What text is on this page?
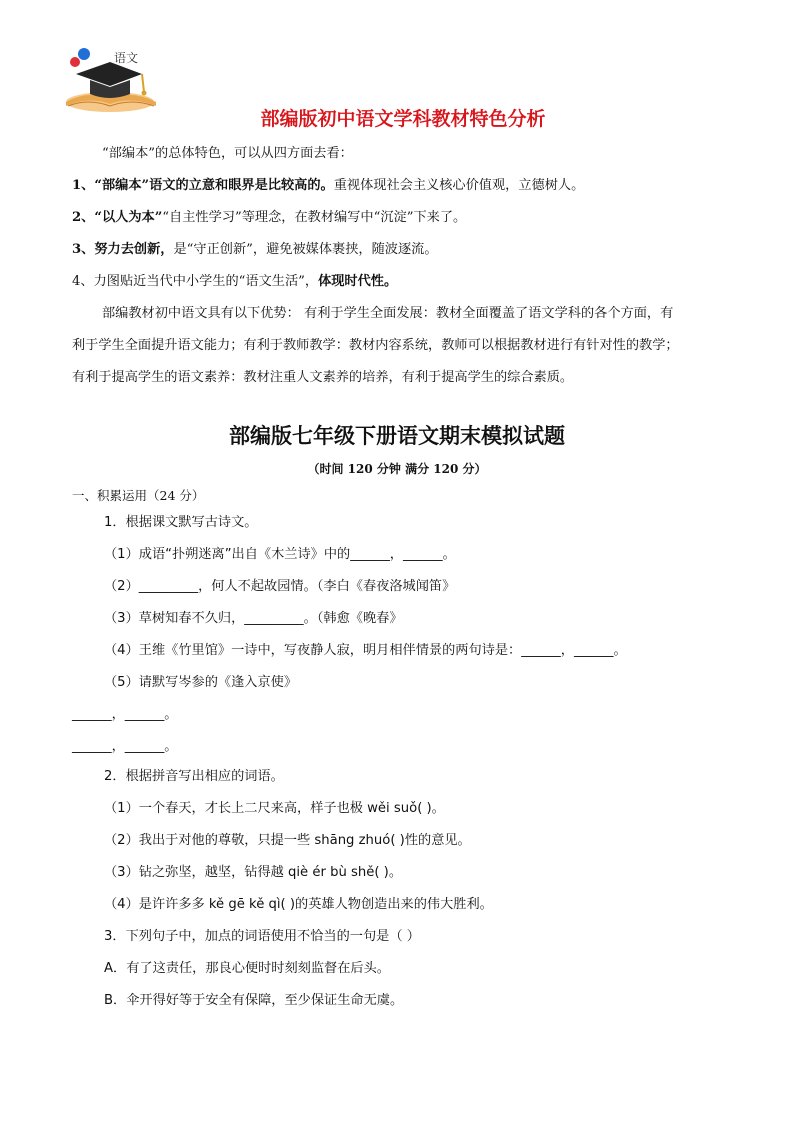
语文
部编版初中语文学科教材特色分析
“部编本”的总体特色，可以从四方面去看：
1、“部编本”语文的立意和眼界是比较高的。重视体现社会主义核心价值观，立德树人。
2、“以人为本”“自主性学习”等理念，在教材编写中“沉淀”下来了。
3、努力去创新，是“守正创新”，避免被媒体裹挟，随波逐流。
4、力图贴近当代中小学生的“语文生活”，体现时代性。
部编教材初中语文具有以下优势： 有利于学生全面发展：教材全面覆盖了语文学科的各个方面，有
利于学生全面提升语文能力；有利于教师教学：教材内容系统，教师可以根据教材进行有针对性的教学；
有利于提高学生的语文素养：教材注重人文素养的培养，有利于提高学生的综合素质。
部编版七年级下册语文期末模拟试题
（时间 120 分钟 满分 120 分）
一、积累运用（24 分）
1．根据课文默写古诗文。
（1）成语“扑朔迷离”出自《木兰诗》中的______，______。
（2）_________，何人不起故园情。（李白《春夜洛城闻笛》
（3）草树知春不久归，_________。（韩愈《晚春》
（4）王维《竹里馆》一诗中，写夜静人寂，明月相伴情景的两句诗是：______，______。
（5）请默写岑参的《逢入京使》
______，______。
______，______。
2．根据拼音写出相应的词语。
（1）一个春天，才长上二尺来高，样子也极 wěi suǒ( )。
（2）我出于对他的尊敬，只提一些 shāng zhuó( )性的意见。
（3）钻之弥坚，越坚，钻得越 qiè ér bù shě( )。
（4）是许许多多 kě gē kě qì( )的英雄人物创造出来的伟大胜利。
3．下列句子中，加点的词语使用不恰当的一句是（ ）
A．有了这责任，那良心便时时刻刻监督在后头。
B．伞开得好等于安全有保障，至少保证生命无虞。
